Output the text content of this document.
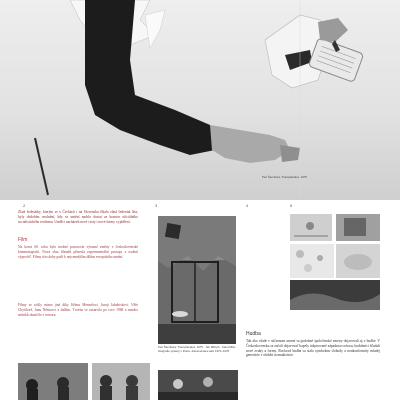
Petr Štembera, Transplantace, 1975
2	3	4	5
Zlaté šedesátky, kterým se v Čechách i na Slovensku říkalo zlatá šedesátá léta, byly obdobím uvolnění, kdy se umění mohlo dostat za hranice oficiálního socialistického realismu. Umělci nacházeli nové cesty i nové formy vyjádření.
Film
Na konci 60. roku bylo možné pozorovat výrazné změny v československé kinematografii. Nová vlna filmařů přinesla experimentální postupy a osobní výpověď. Filmy této doby patří k nejcennějším dílům evropského umění.
Filmy se točily mimo jiné díky Jiřímu Menzelovi, Juraji Jakubiskovi, Věře Chytilové, Janu Němcovi a dalším. Tvorba se zastavila po roce 1968 a mnoho snímků skončilo v trezoru.
Petr Štembera: Transplantace, 1975 · Jan Mlčoch · Karel Miler · fotografie výstavy v Praze, dokumentace akcí 1970–1978
Hudba
Tak ako všade v súčasnom umení sa podobné spoločenské zmeny objavovali aj v hudbe. V Československu sa začali objavovať kapely inšpirované západnou scénou, hudobníci hľadali nové zvuky a formy. Rocková hudba sa stala symbolom slobody a nonkonformity mladej generácie v období normalizácie.
